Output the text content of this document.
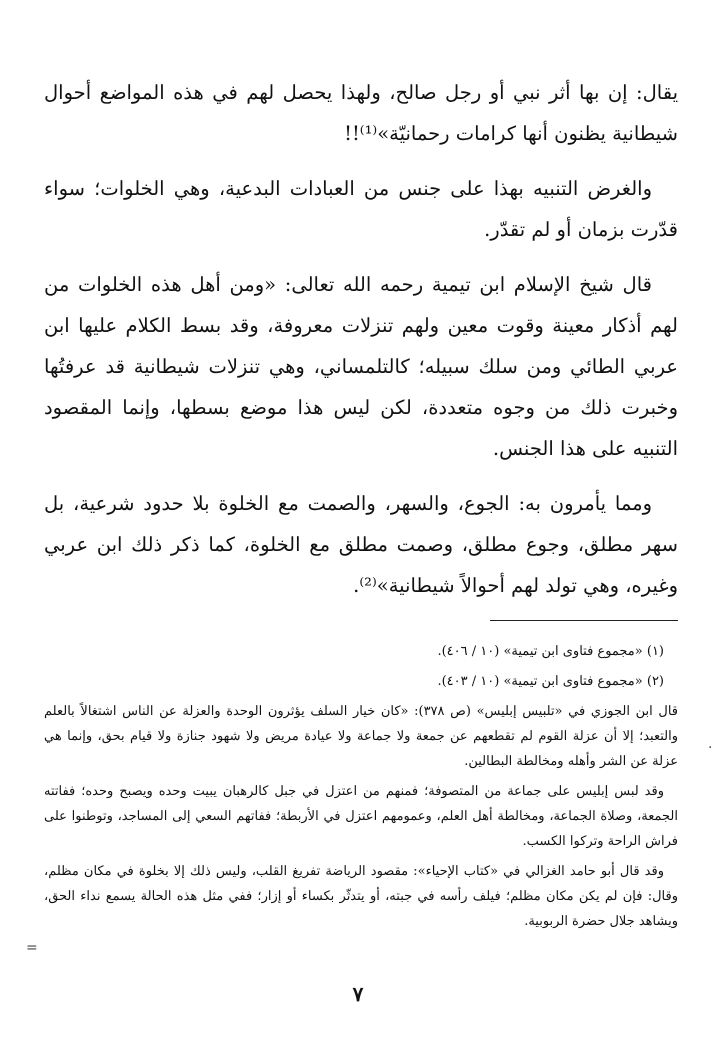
يقال: إن بها أثر نبي أو رجل صالح، ولهذا يحصل لهم في هذه المواضع أحوال شيطانية يظنون أنها كرامات رحمانيّة»⁽¹⁾!!

والغرض التنبيه بهذا على جنس من العبادات البدعية، وهي الخلوات؛ سواء قدّرت بزمان أو لم تقدّر.

قال شيخ الإسلام ابن تيمية رحمه الله تعالى: «ومن أهل هذه الخلوات من لهم أذكار معينة وقوت معين ولهم تنزلات معروفة، وقد بسط الكلام عليها ابن عربي الطائي ومن سلك سبيله؛ كالتلمساني، وهي تنزلات شيطانية قد عرفتُها وخبرت ذلك من وجوه متعددة، لكن ليس هذا موضع بسطها، وإنما المقصود التنبيه على هذا الجنس.

ومما يأمرون به: الجوع، والسهر، والصمت مع الخلوة بلا حدود شرعية، بل سهر مطلق، وجوع مطلق، وصمت مطلق مع الخلوة، كما ذكر ذلك ابن عربي وغيره، وهي تولد لهم أحوالاً شيطانية»⁽²⁾.

(١) «مجموع فتاوى ابن تيمية» (١٠ / ٤٠٦).

(٢) «مجموع فتاوى ابن تيمية» (١٠ / ٤٠٣).

قال ابن الجوزي في «تلبيس إبليس» (ص ٣٧٨): «كان خيار السلف يؤثرون الوحدة والعزلة عن الناس اشتغالاً بالعلم والتعبد؛ إلا أن عزلة القوم لم تقطعهم عن جمعة ولا جماعة ولا عيادة مريض ولا شهود جنازة ولا قيام بحق، وإنما هي عزلة عن الشر وأهله ومخالطة البطالين.

وقد لبس إبليس على جماعة من المتصوفة؛ فمنهم من اعتزل في جبل كالرهبان يبيت وحده ويصبح وحده؛ ففاتته الجمعة، وصلاة الجماعة، ومخالطة أهل العلم، وعمومهم اعتزل في الأربطة؛ ففاتهم السعي إلى المساجد، وتوطنوا على فراش الراحة وتركوا الكسب.

وقد قال أبو حامد الغزالي في «كتاب الإحياء»: مقصود الرياضة تفريغ القلب، وليس ذلك إلا بخلوة في مكان مظلم، وقال: فإن لم يكن مكان مظلم؛ فيلف رأسه في جبته، أو يتدثّر بكساء أو إزار؛ ففي مثل هذه الحالة يسمع نداء الحق، ويشاهد جلال حضرة الربوبية.

=
·
٧
